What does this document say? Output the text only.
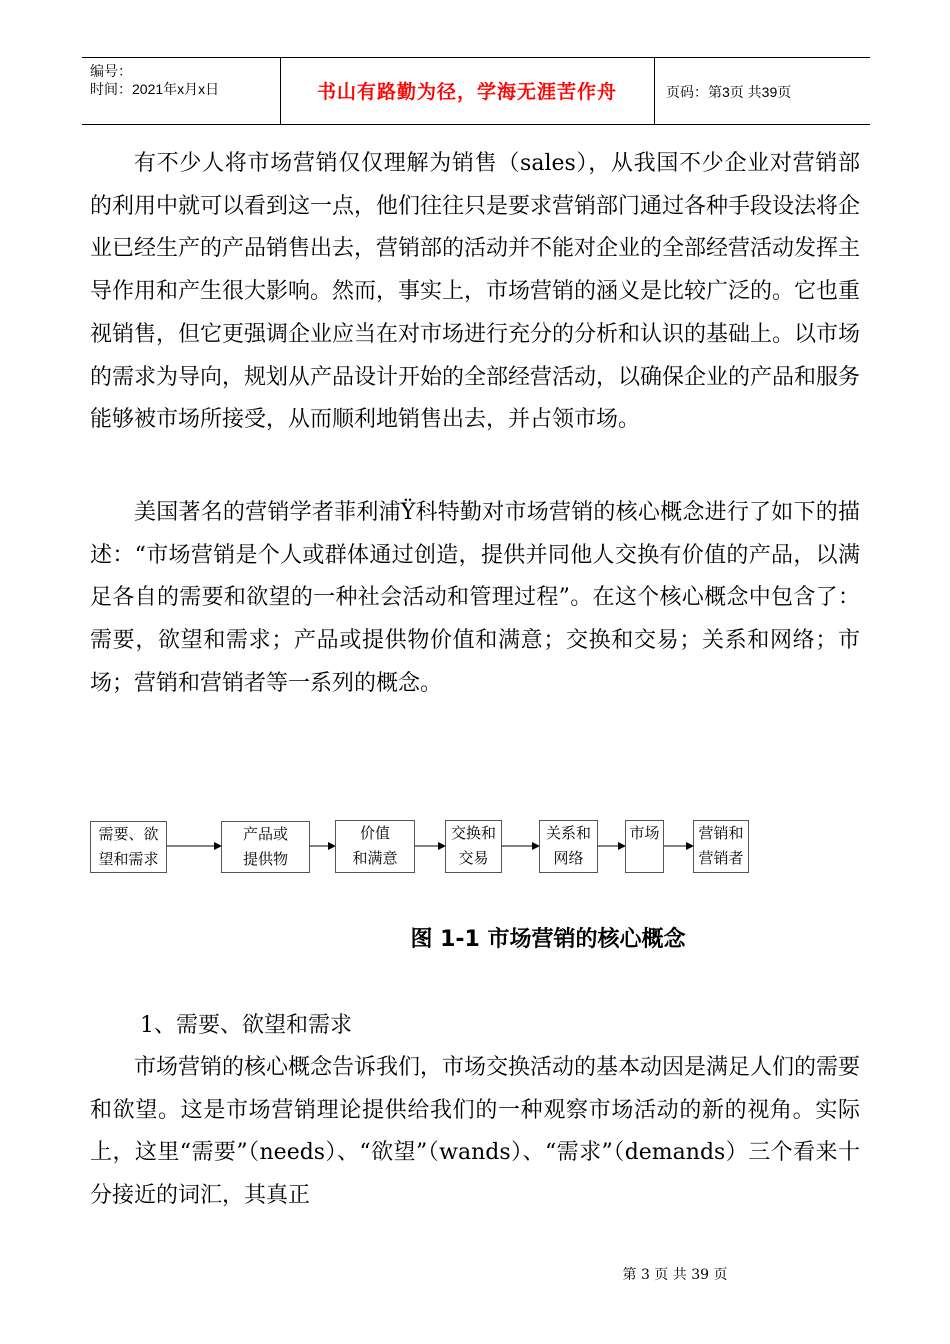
编号：
时间：2021年x月x日	书山有路勤为径，学海无涯苦作舟	页码：第3页 共39页

有不少人将市场营销仅仅理解为销售（sales），从我国不少企业对营销部的利用中就可以看到这一点，他们往往只是要求营销部门通过各种手段设法将企业已经生产的产品销售出去，营销部的活动并不能对企业的全部经营活动发挥主导作用和产生很大影响。然而，事实上，市场营销的涵义是比较广泛的。它也重视销售，但它更强调企业应当在对市场进行充分的分析和认识的基础上。以市场的需求为导向，规划从产品设计开始的全部经营活动，以确保企业的产品和服务能够被市场所接受，从而顺利地销售出去，并占领市场。

美国著名的营销学者菲利浦Ÿ科特勤对市场营销的核心概念进行了如下的描述：“市场营销是个人或群体通过创造，提供并同他人交换有价值的产品，以满足各自的需要和欲望的一种社会活动和管理过程”。在这个核心概念中包含了：需要，欲望和需求；产品或提供物价值和满意；交换和交易；关系和网络；市场；营销和营销者等一系列的概念。

需要、欲
望和需求
产品或
提供物
价值
和满意
交换和
交易
关系和
网络
市场	营销和
营销者
图 1-1 市场营销的核心概念
1、需要、欲望和需求

市场营销的核心概念告诉我们，市场交换活动的基本动因是满足人们的需要和欲望。这是市场营销理论提供给我们的一种观察市场活动的新的视角。实际上，这里“需要”（needs）、“欲望”（wands）、“需求”（demands）三个看来十分接近的词汇，其真正

第 3 页 共 39 页
